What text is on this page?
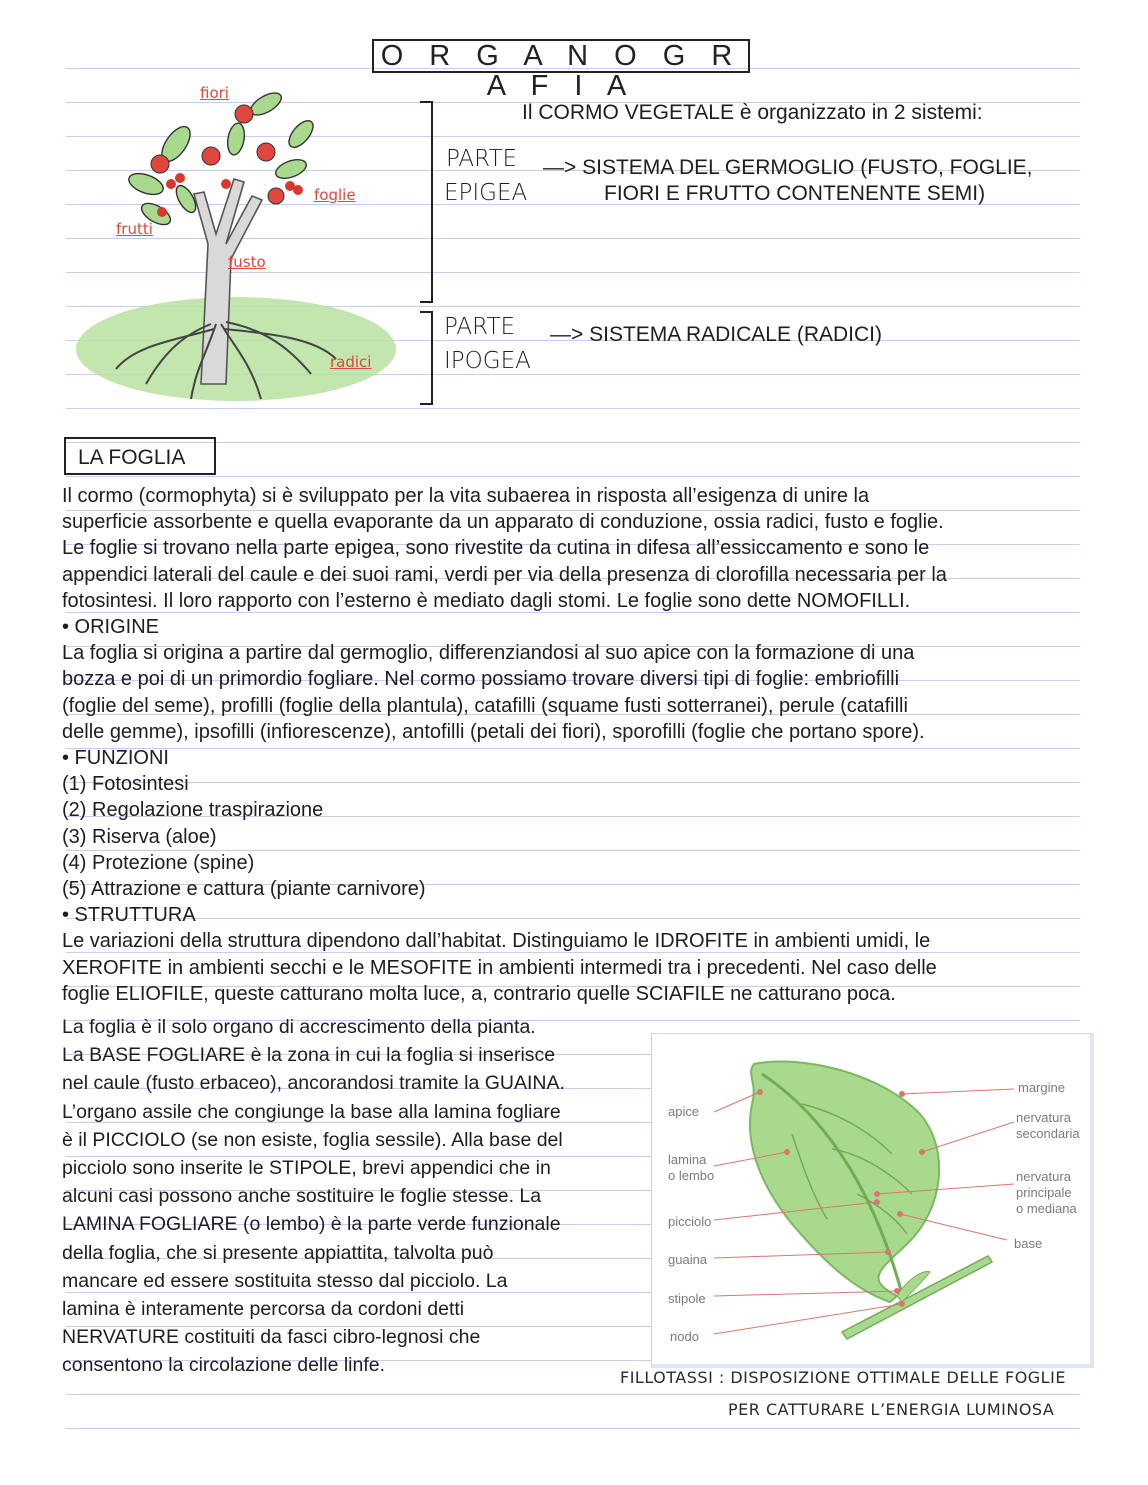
O R G A N O G R A F I A
fiori
foglie
frutti
fusto
radici
Il CORMO VEGETALE è organizzato in 2 sistemi:
PARTE
EPIGEA
—> SISTEMA DEL GERMOGLIO (FUSTO, FOGLIE,
FIORI E FRUTTO CONTENENTE SEMI)
PARTE
IPOGEA
—> SISTEMA RADICALE (RADICI)
LA FOGLIA
Il cormo (cormophyta) si è sviluppato per la vita subaerea in risposta all’esigenza di unire la
superficie assorbente e quella evaporante da un apparato di conduzione, ossia radici, fusto e foglie.
Le foglie si trovano nella parte epigea, sono rivestite da cutina in difesa all’essiccamento e sono le
appendici laterali del caule e dei suoi rami, verdi per via della presenza di clorofilla necessaria per la
fotosintesi. Il loro rapporto con l’esterno è mediato dagli stomi. Le foglie sono dette NOMOFILLI.
• ORIGINE
La foglia si origina a partire dal germoglio, differenziandosi al suo apice con la formazione di una
bozza e poi di un primordio fogliare. Nel cormo possiamo trovare diversi tipi di foglie: embriofilli
(foglie del seme), profilli (foglie della plantula), catafilli (squame fusti sotterranei), perule (catafilli
delle gemme), ipsofilli (infiorescenze), antofilli (petali dei fiori), sporofilli (foglie che portano spore).
• FUNZIONI
(1) Fotosintesi
(2) Regolazione traspirazione
(3) Riserva (aloe)
(4) Protezione (spine)
(5) Attrazione e cattura (piante carnivore)
• STRUTTURA
Le variazioni della struttura dipendono dall’habitat. Distinguiamo le IDROFITE in ambienti umidi, le
XEROFITE in ambienti secchi e le MESOFITE in ambienti intermedi tra i precedenti. Nel caso delle
foglie ELIOFILE, queste catturano molta luce, a, contrario quelle SCIAFILE ne catturano poca.
La foglia è il solo organo di accrescimento della pianta.
La BASE FOGLIARE è la zona in cui la foglia si inserisce
nel caule (fusto erbaceo), ancorandosi tramite la GUAINA.
L’organo assile che congiunge la base alla lamina fogliare
è il PICCIOLO (se non esiste, foglia sessile). Alla base del
picciolo sono inserite le STIPOLE, brevi appendici che in
alcuni casi possono anche sostituire le foglie stesse. La
LAMINA FOGLIARE (o lembo) è la parte verde funzionale
della foglia, che si presente appiattita, talvolta può
mancare ed essere sostituita stesso dal picciolo. La
lamina è interamente percorsa da cordoni detti
NERVATURE costituiti da fasci cibro-legnosi che
consentono la circolazione delle linfe.
apice
lamina
o lembo
picciolo
guaina
stipole
nodo
margine
nervatura
secondaria
nervatura
principale
o mediana
base
FILLOTASSI : DISPOSIZIONE OTTIMALE DELLE FOGLIE
PER CATTURARE L’ENERGIA LUMINOSA
